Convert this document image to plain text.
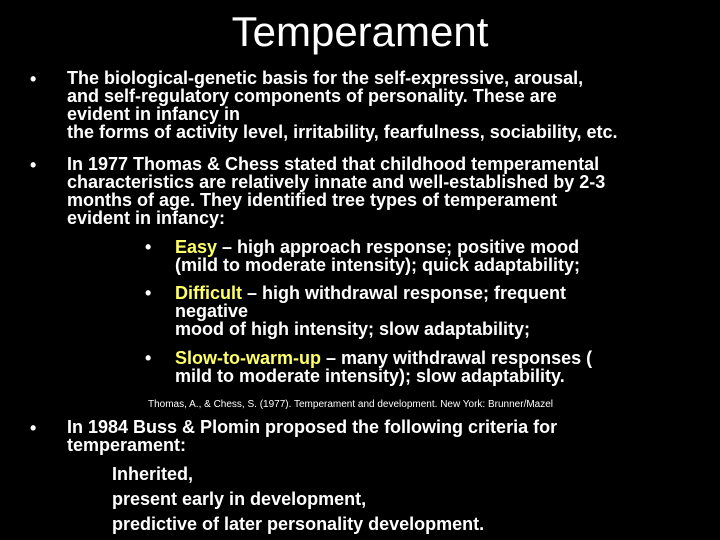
Temperament
• The biological-genetic basis for the self-expressive, arousal,
and self-regulatory components of personality. These are
evident in infancy in
the forms of activity level, irritability, fearfulness, sociability, etc.
• In 1977 Thomas & Chess stated that childhood temperamental
characteristics are relatively innate and well-established by 2-3
months of age. They identified tree types of temperament
evident in infancy:
• Easy – high approach response; positive mood
(mild to moderate intensity); quick adaptability;
• Difficult – high withdrawal response; frequent
negative
mood of high intensity; slow adaptability;
• Slow-to-warm-up – many withdrawal responses (
mild to moderate intensity); slow adaptability.
Thomas, A., & Chess, S. (1977). Temperament and development. New York: Brunner/Mazel
• In 1984 Buss & Plomin proposed the following criteria for
temperament:
Inherited,
present early in development,
predictive of later personality development.
